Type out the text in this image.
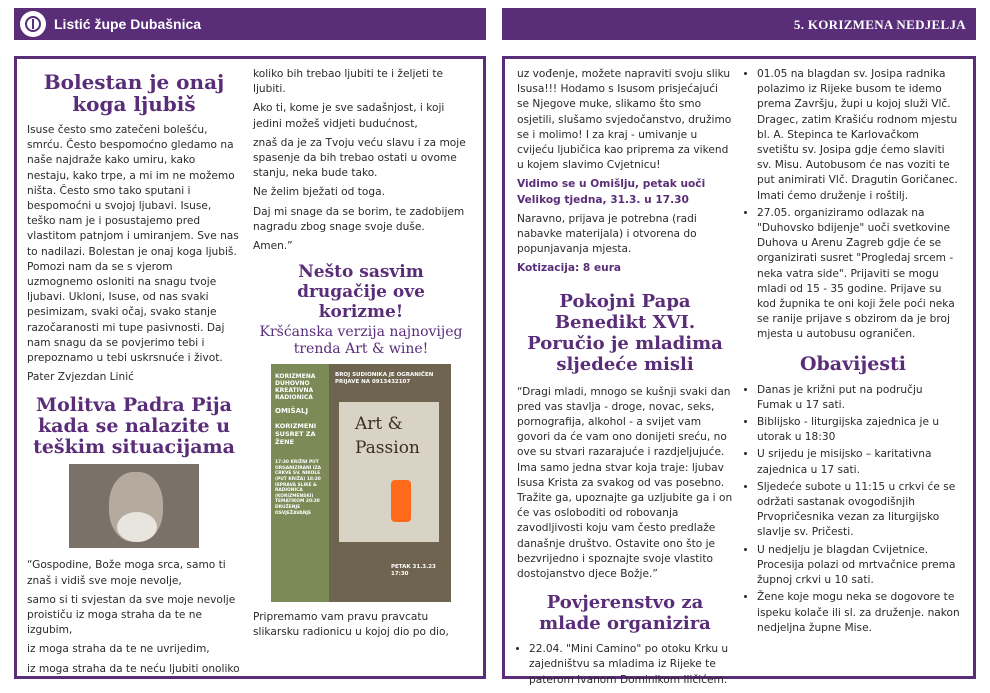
Listić župe Dubašnica	5. KORIZMENA NEDJELJA
Bolestan je onaj koga ljubiš

Isuse često smo zatečeni bolešću, smrću. Često bespomoćno gledamo na naše najdraže kako umiru, kako nestaju, kako trpe, a mi im ne možemo ništa. Često smo tako sputani i bespomoćni u svojoj ljubavi. Isuse, teško nam je i posustajemo pred vlastitom patnjom i umiranjem. Sve nas to nadilazi. Bolestan je onaj koga ljubiš. Pomozi nam da se s vjerom uzmognemo osloniti na snagu tvoje ljubavi. Ukloni, Isuse, od nas svaki pesimizam, svaki očaj, svako stanje razočaranosti mi tupe pasivnosti. Daj nam snagu da se povjerimo tebi i prepoznamo u tebi uskrsnuće i život.

Pater Zvjezdan Linić

Molitva Padra Pija kada se nalazite u teškim situacijama

“Gospodine, Bože moga srca, samo ti znaš i vidiš sve moje nevolje,

samo si ti svjestan da sve moje nevolje proističu iz moga straha da te ne izgubim,

iz moga straha da te ne uvrijedim,

iz moga straha da te neću ljubiti onoliko

koliko bih trebao ljubiti te i željeti te ljubiti.

Ako ti, kome je sve sadašnjost, i koji jedini možeš vidjeti budućnost,

znaš da je za Tvoju veću slavu i za moje spasenje da bih trebao ostati u ovome stanju, neka bude tako.

Ne želim bježati od toga.

Daj mi snage da se borim, te zadobijem nagradu zbog snage svoje duše.

Amen.”

Nešto sasvim drugačije ove korizme!
Kršćanska verzija najnovijeg trenda Art & wine!
KORIZMENA DUHOVNO KREATIVNA RADIONICA
OMIŠALJ
KORIZMENI SUSRET ZA ŽENE
17:30 KRIŽNI PUT ORGANIZIRANI IZA CRKVE SV. NIKOLE (PUT KRIŽA) 18:30 ISPRAVA SLIKE & RADIONICA (KORIZMENSKI) TEMATIKOM 20:30 DRUŽENJE OSVJEŽAVANJE
BROJ SUDIONIKA JE OGRANIČEN PRIJAVE NA 0913432107
Art &
Passion
PETAK 31.3.23 17:30

Pripremamo vam pravu pravcatu slikarsku radionicu u kojoj dio po dio,

uz vođenje, možete napraviti svoju sliku Isusa!!! Hodamo s Isusom prisjećajući se Njegove muke, slikamo što smo osjetili, slušamo svjedočanstvo, družimo se i molimo! I za kraj - umivanje u cvijeću ljubičica kao priprema za vikend u kojem slavimo Cvjetnicu!

Vidimo se u Omišlju, petak uoči Velikog tjedna, 31.3. u 17.30

Naravno, prijava je potrebna (radi nabavke materijala) i otvorena do popunjavanja mjesta.

Kotizacija: 8 eura

Pokojni Papa Benedikt XVI. Poručio je mladima sljedeće misli

“Dragi mladi, mnogo se kušnji svaki dan pred vas stavlja - droge, novac, seks, pornografija, alkohol - a svijet vam govori da će vam ono donijeti sreću, no ove su stvari razarajuće i razdjeljujuće. Ima samo jedna stvar koja traje: ljubav Isusa Krista za svakog od vas posebno. Tražite ga, upoznajte ga uzljubite ga i on će vas osloboditi od robovanja zavodljivosti koju vam često predlaže današnje društvo. Ostavite ono što je bezvrijedno i spoznajte svoje vlastito dostojanstvo djece Božje.”

Povjerenstvo za mlade organizira
• 22.04. "Mini Camino" po otoku Krku u zajedništvu sa mladima iz Rijeke te paterom Ivanom Dominikom Iličićem.
• 01.05 na blagdan sv. Josipa radnika polazimo iz Rijeke busom te idemo prema Završju, župi u kojoj služi Vlč. Dragec, zatim Krašiću rodnom mjestu bl. A. Stepinca te Karlovačkom svetištu sv. Josipa gdje ćemo slaviti sv. Misu. Autobusom će nas voziti te put animirati Vlč. Dragutin Goričanec. Imati ćemo druženje i roštilj.
• 27.05. organiziramo odlazak na "Duhovsko bdijenje" uoči svetkovine Duhova u Arenu Zagreb gdje će se organizirati susret "Progledaj srcem - neka vatra side". Prijaviti se mogu mladi od 15 - 35 godine. Prijave su kod župnika te oni koji žele poći neka se ranije prijave s obzirom da je broj mjesta u autobusu ograničen.
Obavijesti
• Danas je križni put na području Fumak u 17 sati.
• Biblijsko - liturgijska zajednica je u utorak u 18:30
• U srijedu je misijsko – karitativna zajednica u 17 sati.
• Sljedeće subote u 11:15 u crkvi će se održati sastanak ovogodišnjih Prvopričesnika vezan za liturgijsko slavlje sv. Pričesti.
• U nedjelju je blagdan Cvijetnice. Procesija polazi od mrtvačnice prema župnoj crkvi u 10 sati.
• Žene koje mogu neka se dogovore te ispeku kolače ili sl. za druženje. nakon nedjeljna župne Mise.
